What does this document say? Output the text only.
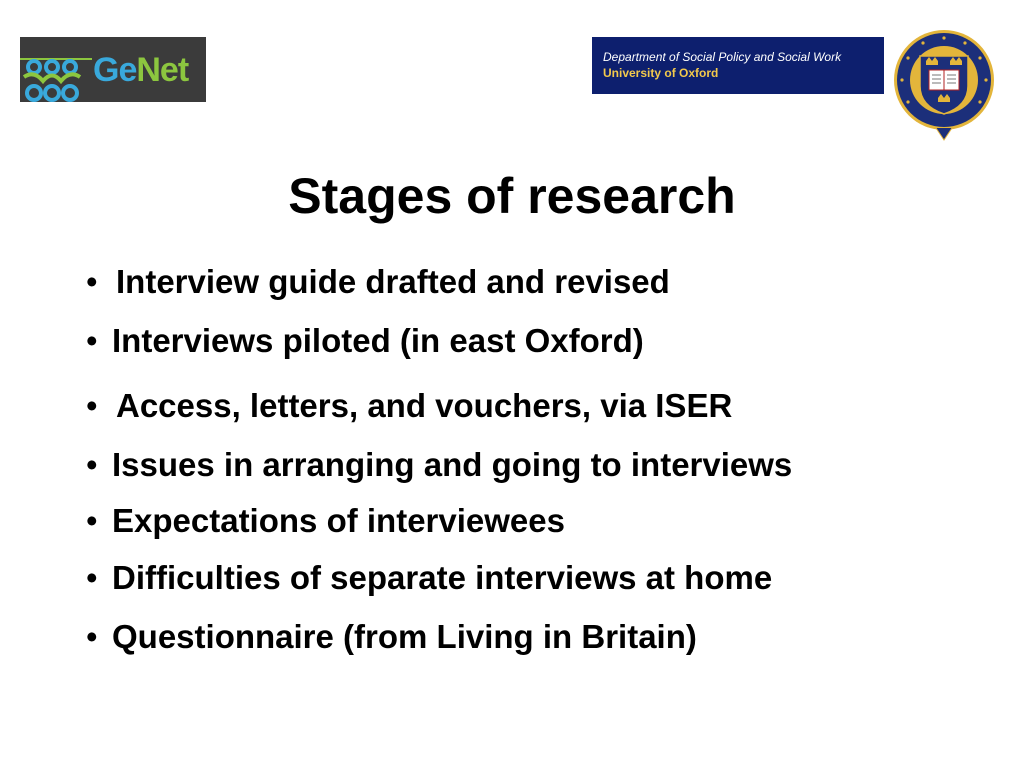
GeNet	Department of Social Policy and Social Work
University of Oxford
Stages of research
• Interview guide drafted and revised
• Interviews piloted (in east Oxford)
• Access, letters, and vouchers, via ISER
• Issues in arranging and going to interviews
• Expectations of interviewees
• Difficulties of separate interviews at home
• Questionnaire (from Living in Britain)
